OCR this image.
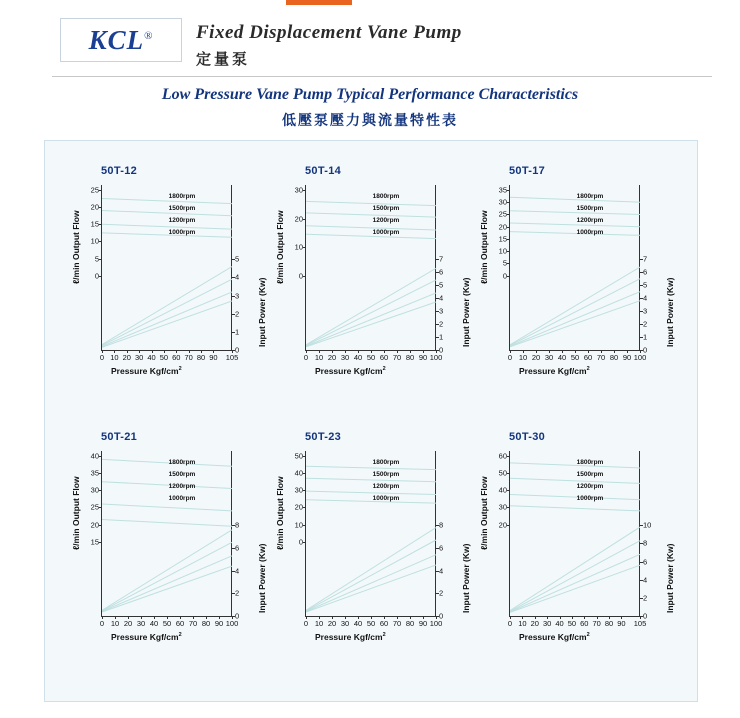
KCL® Fixed Displacement Vane Pump
定量泵
Low Pressure Vane Pump Typical Performance Characteristics
低壓泵壓力與流量特性表
50T-12
0
5
10
15
20
25
0
1
2
3
4
5
0 10 20 30 40 50 60 70 80 90 105
1800rpm
1500rpm
1200rpm
1000rpm
ℓ/min Output Flow
Input Power (Kw)
Pressure Kgf/$cm^2$
50T-14
0
10
20
30
0
1
2
3
4
5
6
7
0 10 20 30 40 50 60 70 80 90 100
1800rpm
1500rpm
1200rpm
1000rpm
ℓ/min Output Flow
Input Power (Kw)
Pressure Kgf/$cm^2$
50T-17
0
5
10
15
20
25
30
35
0
1
2
3
4
5
6
7
0 10 20 30 40 50 60 70 80 90 100
1800rpm
1500rpm
1200rpm
1000rpm
ℓ/min Output Flow
Input Power (Kw)
Pressure Kgf/$cm^2$
50T-21
15
20
25
30
35
40
0
2
4
6
8
0 10 20 30 40 50 60 70 80 90 100
1800rpm
1500rpm
1200rpm
1000rpm
ℓ/min Output Flow
Input Power (Kw)
Pressure Kgf/$cm^2$
50T-23
0
10
20
30
40
50
0
2
4
6
8
0 10 20 30 40 50 60 70 80 90 100
1800rpm
1500rpm
1200rpm
1000rpm
ℓ/min Output Flow
Input Power (Kw)
Pressure Kgf/$cm^2$
50T-30
20
30
40
50
60
0
2
4
6
8
10
0 10 20 30 40 50 60 70 80 90 105
1800rpm
1500rpm
1200rpm
1000rpm
ℓ/min Output Flow
Input Power (Kw)
Pressure Kgf/$cm^2$
